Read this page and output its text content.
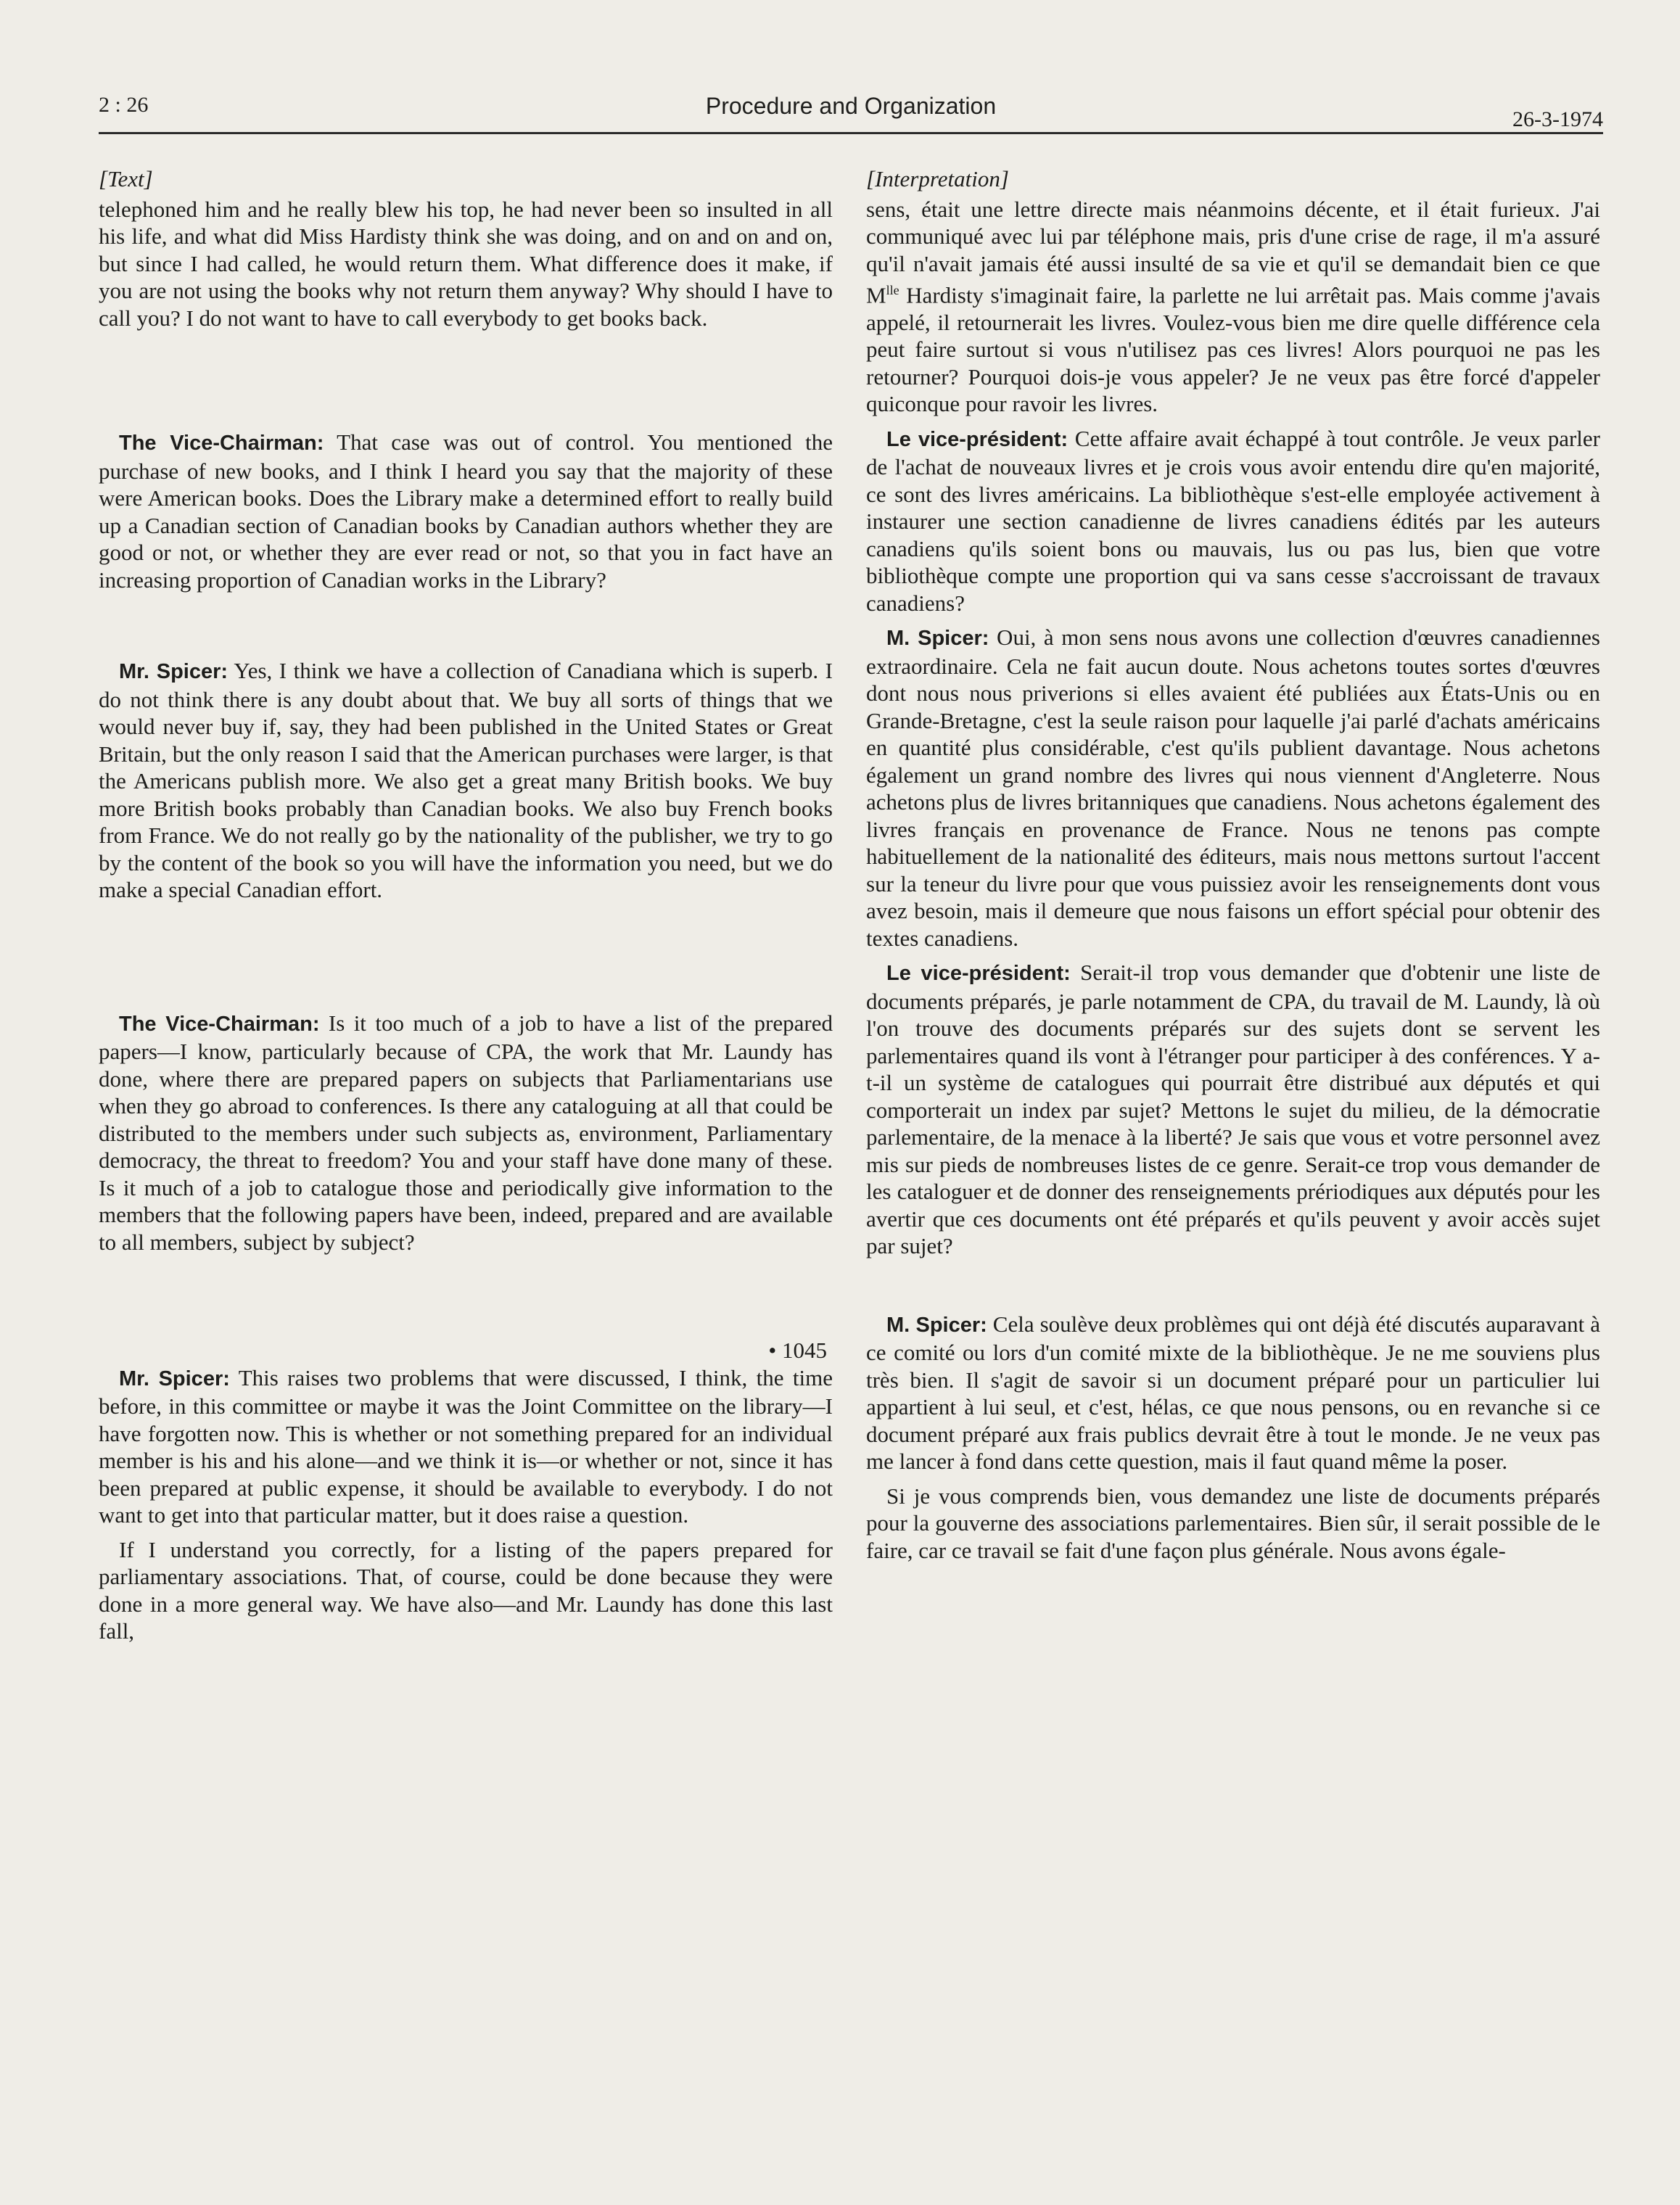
2 : 26	Procedure and Organization
26-3-1974
[Text]

telephoned him and he really blew his top, he had never been so insulted in all his life, and what did Miss Hardisty think she was doing, and on and on and on, but since I had called, he would return them. What difference does it make, if you are not using the books why not return them anyway? Why should I have to call you? I do not want to have to call everybody to get books back.

The Vice-Chairman: That case was out of control. You mentioned the purchase of new books, and I think I heard you say that the majority of these were American books. Does the Library make a determined effort to really build up a Canadian section of Canadian books by Canadian authors whether they are good or not, or whether they are ever read or not, so that you in fact have an increasing proportion of Canadian works in the Library?

Mr. Spicer: Yes, I think we have a collection of Canadiana which is superb. I do not think there is any doubt about that. We buy all sorts of things that we would never buy if, say, they had been published in the United States or Great Britain, but the only reason I said that the American purchases were larger, is that the Americans publish more. We also get a great many British books. We buy more British books probably than Canadian books. We also buy French books from France. We do not really go by the nationality of the publisher, we try to go by the content of the book so you will have the information you need, but we do make a special Canadian effort.

The Vice-Chairman: Is it too much of a job to have a list of the prepared papers—I know, particularly because of CPA, the work that Mr. Laundy has done, where there are prepared papers on subjects that Parliamentarians use when they go abroad to conferences. Is there any cataloguing at all that could be distributed to the members under such subjects as, environment, Parliamentary democracy, the threat to freedom? You and your staff have done many of these. Is it much of a job to catalogue those and periodically give information to the members that the following papers have been, indeed, prepared and are available to all members, subject by subject?

• 1045

Mr. Spicer: This raises two problems that were discussed, I think, the time before, in this committee or maybe it was the Joint Committee on the library—I have forgotten now. This is whether or not something prepared for an individual member is his and his alone—and we think it is—or whether or not, since it has been prepared at public expense, it should be available to everybody. I do not want to get into that particular matter, but it does raise a question.

If I understand you correctly, for a listing of the papers prepared for parliamentary associations. That, of course, could be done because they were done in a more general way. We have also—and Mr. Laundy has done this last fall,

[Interpretation]

sens, était une lettre directe mais néanmoins décente, et il était furieux. J'ai communiqué avec lui par téléphone mais, pris d'une crise de rage, il m'a assuré qu'il n'avait jamais été aussi insulté de sa vie et qu'il se demandait bien ce que $M^{lle}$ Hardisty s'imaginait faire, la parlette ne lui arrêtait pas. Mais comme j'avais appelé, il retournerait les livres. Voulez-vous bien me dire quelle différence cela peut faire surtout si vous n'utilisez pas ces livres! Alors pourquoi ne pas les retourner? Pourquoi dois-je vous appeler? Je ne veux pas être forcé d'appeler quiconque pour ravoir les livres.

Le vice-président: Cette affaire avait échappé à tout contrôle. Je veux parler de l'achat de nouveaux livres et je crois vous avoir entendu dire qu'en majorité, ce sont des livres américains. La bibliothèque s'est-elle employée activement à instaurer une section canadienne de livres canadiens édités par les auteurs canadiens qu'ils soient bons ou mauvais, lus ou pas lus, bien que votre bibliothèque compte une proportion qui va sans cesse s'accroissant de travaux canadiens?

M. Spicer: Oui, à mon sens nous avons une collection d'œuvres canadiennes extraordinaire. Cela ne fait aucun doute. Nous achetons toutes sortes d'œuvres dont nous nous priverions si elles avaient été publiées aux États-Unis ou en Grande-Bretagne, c'est la seule raison pour laquelle j'ai parlé d'achats américains en quantité plus considérable, c'est qu'ils publient davantage. Nous achetons également un grand nombre des livres qui nous viennent d'Angleterre. Nous achetons plus de livres britanniques que canadiens. Nous achetons également des livres français en provenance de France. Nous ne tenons pas compte habituellement de la nationalité des éditeurs, mais nous mettons surtout l'accent sur la teneur du livre pour que vous puissiez avoir les renseignements dont vous avez besoin, mais il demeure que nous faisons un effort spécial pour obtenir des textes canadiens.

Le vice-président: Serait-il trop vous demander que d'obtenir une liste de documents préparés, je parle notamment de CPA, du travail de M. Laundy, là où l'on trouve des documents préparés sur des sujets dont se servent les parlementaires quand ils vont à l'étranger pour participer à des conférences. Y a-t-il un système de catalogues qui pourrait être distribué aux députés et qui comporterait un index par sujet? Mettons le sujet du milieu, de la démocratie parlementaire, de la menace à la liberté? Je sais que vous et votre personnel avez mis sur pieds de nombreuses listes de ce genre. Serait-ce trop vous demander de les cataloguer et de donner des renseignements prériodiques aux députés pour les avertir que ces documents ont été préparés et qu'ils peuvent y avoir accès sujet par sujet?

M. Spicer: Cela soulève deux problèmes qui ont déjà été discutés auparavant à ce comité ou lors d'un comité mixte de la bibliothèque. Je ne me souviens plus très bien. Il s'agit de savoir si un document préparé pour un particulier lui appartient à lui seul, et c'est, hélas, ce que nous pensons, ou en revanche si ce document préparé aux frais publics devrait être à tout le monde. Je ne veux pas me lancer à fond dans cette question, mais il faut quand même la poser.

Si je vous comprends bien, vous demandez une liste de documents préparés pour la gouverne des associations parlementaires. Bien sûr, il serait possible de le faire, car ce travail se fait d'une façon plus générale. Nous avons égale-
